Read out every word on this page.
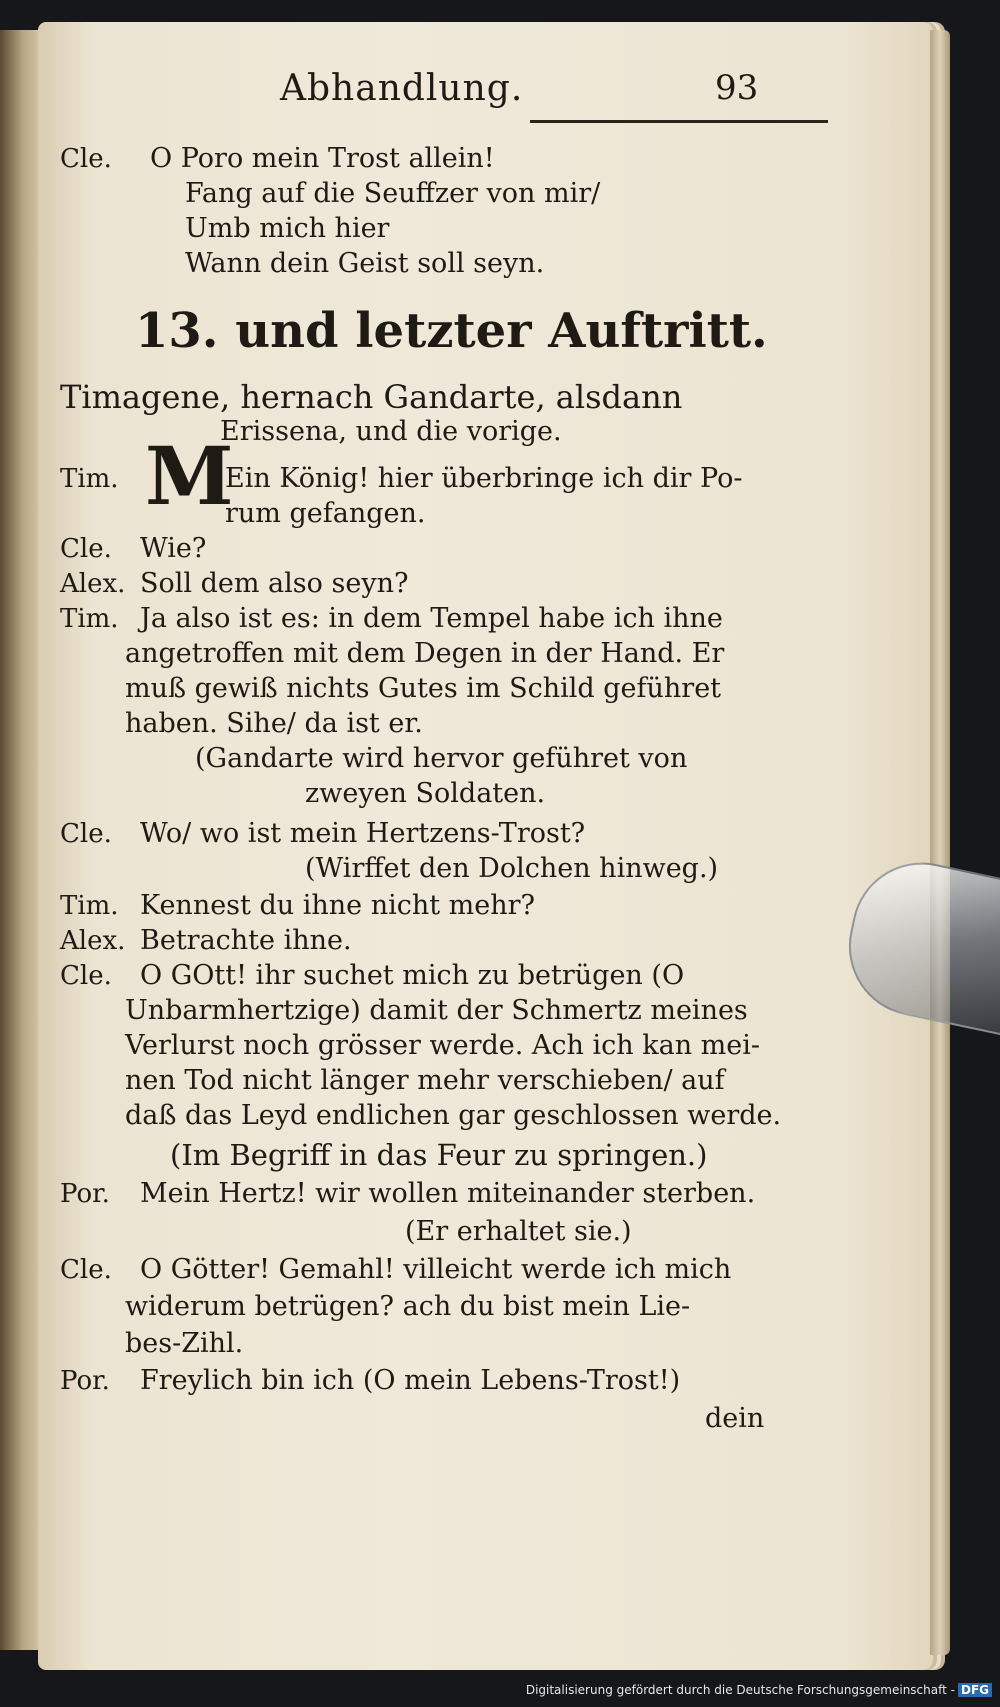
Abhandlung.	93
Cle. O Poro mein Trost allein!
Fang auf die Seuffzer von mir/
Umb mich hier
Wann dein Geist soll seyn.
13. und letzter Auftritt.
Timagene, hernach Gandarte, alsdann
Erissena, und die vorige.
M
Tim.	Ein König! hier überbringe ich dir Po-
rum gefangen.
Cle. Wie?
Alex. Soll dem also seyn?
Tim. Ja also ist es: in dem Tempel habe ich ihne
angetroffen mit dem Degen in der Hand. Er
muß gewiß nichts Gutes im Schild geführet
haben. Sihe/ da ist er.
(Gandarte wird hervor geführet von
zweyen Soldaten.
Cle. Wo/ wo ist mein Hertzens-Trost?
(Wirffet den Dolchen hinweg.)
Tim. Kennest du ihne nicht mehr?
Alex. Betrachte ihne.
Cle. O GOtt! ihr suchet mich zu betrügen (O
Unbarmhertzige) damit der Schmertz meines
Verlurst noch grösser werde. Ach ich kan mei-
nen Tod nicht länger mehr verschieben/ auf
daß das Leyd endlichen gar geschlossen werde.
(Im Begriff in das Feur zu springen.)
Por. Mein Hertz! wir wollen miteinander sterben.
(Er erhaltet sie.)
Cle. O Götter! Gemahl! villeicht werde ich mich
widerum betrügen? ach du bist mein Lie-
bes-Zihl.
Por. Freylich bin ich (O mein Lebens-Trost!)
dein
Digitalisierung gefördert durch die Deutsche Forschungsgemeinschaft - DFG
